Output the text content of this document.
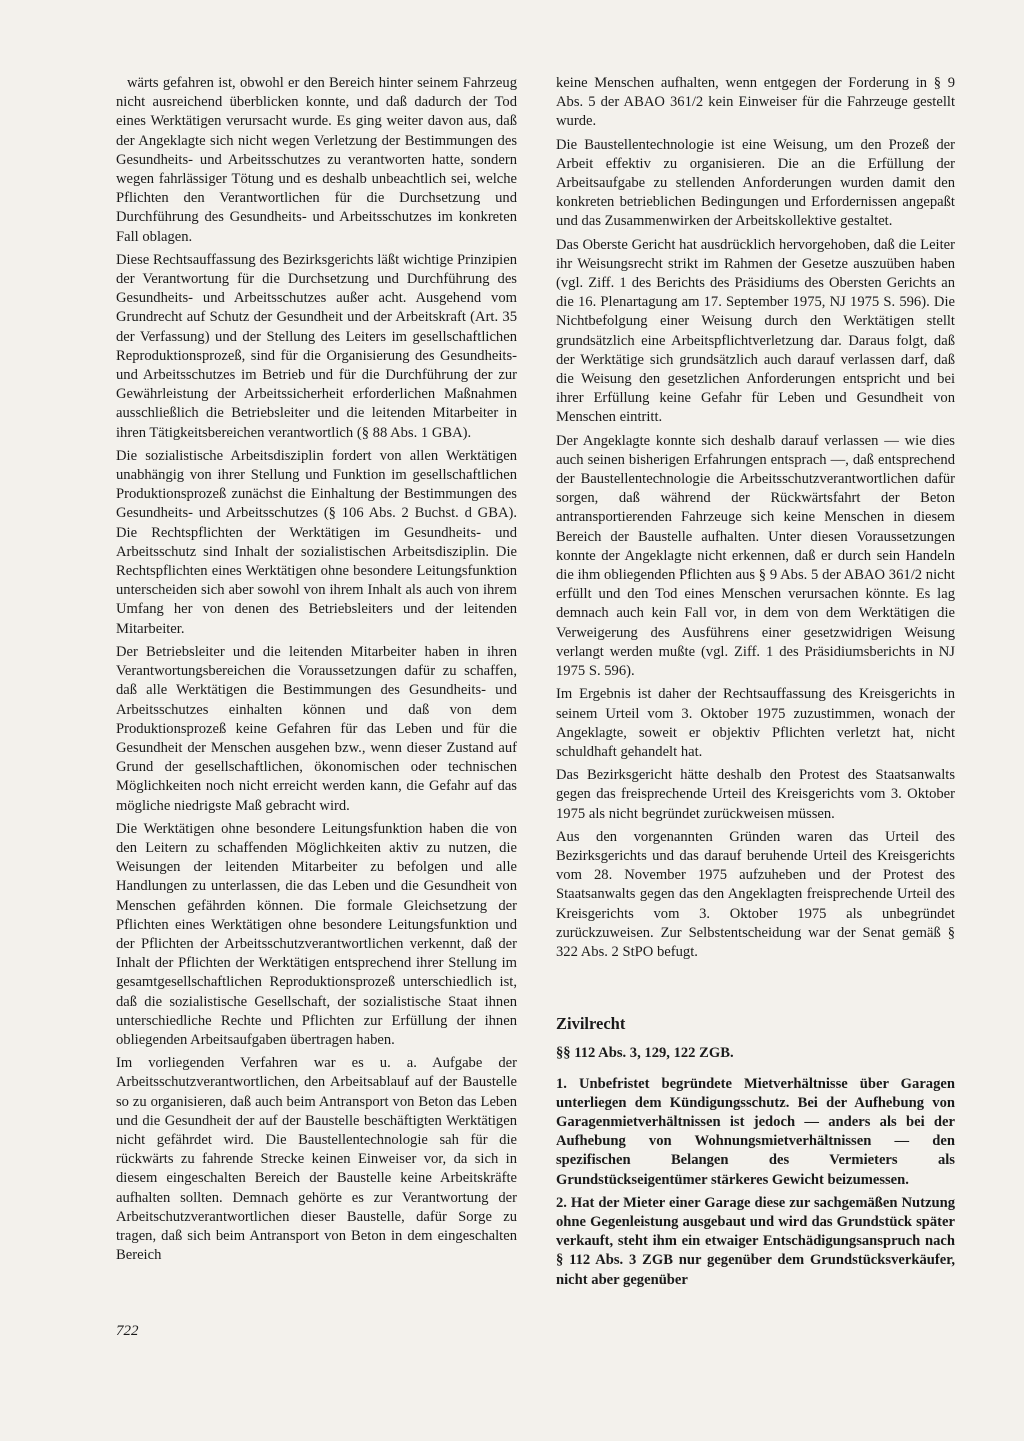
wärts gefahren ist, obwohl er den Bereich hinter seinem Fahrzeug nicht ausreichend überblicken konnte, und daß dadurch der Tod eines Werktätigen verursacht wurde. Es ging weiter davon aus, daß der Angeklagte sich nicht wegen Verletzung der Bestimmungen des Gesundheits- und Arbeitsschutzes zu verantworten hatte, sondern wegen fahrlässiger Tötung und es deshalb unbeachtlich sei, welche Pflichten den Verantwortlichen für die Durchsetzung und Durchführung des Gesundheits- und Arbeitsschutzes im konkreten Fall oblagen.

Diese Rechtsauffassung des Bezirksgerichts läßt wichtige Prinzipien der Verantwortung für die Durchsetzung und Durchführung des Gesundheits- und Arbeitsschutzes außer acht. Ausgehend vom Grundrecht auf Schutz der Gesundheit und der Arbeitskraft (Art. 35 der Verfassung) und der Stellung des Leiters im gesellschaftlichen Reproduktionsprozeß, sind für die Organisierung des Gesundheits- und Arbeitsschutzes im Betrieb und für die Durchführung der zur Gewährleistung der Arbeitssicherheit erforderlichen Maßnahmen ausschließlich die Betriebsleiter und die leitenden Mitarbeiter in ihren Tätigkeitsbereichen verantwortlich (§ 88 Abs. 1 GBA).

Die sozialistische Arbeitsdisziplin fordert von allen Werktätigen unabhängig von ihrer Stellung und Funktion im gesellschaftlichen Produktionsprozeß zunächst die Einhaltung der Bestimmungen des Gesundheits- und Arbeitsschutzes (§ 106 Abs. 2 Buchst. d GBA). Die Rechtspflichten der Werktätigen im Gesundheits- und Arbeitsschutz sind Inhalt der sozialistischen Arbeitsdisziplin. Die Rechtspflichten eines Werktätigen ohne besondere Leitungsfunktion unterscheiden sich aber sowohl von ihrem Inhalt als auch von ihrem Umfang her von denen des Betriebsleiters und der leitenden Mitarbeiter.

Der Betriebsleiter und die leitenden Mitarbeiter haben in ihren Verantwortungsbereichen die Voraussetzungen dafür zu schaffen, daß alle Werktätigen die Bestimmungen des Gesundheits- und Arbeitsschutzes einhalten können und daß von dem Produktionsprozeß keine Gefahren für das Leben und für die Gesundheit der Menschen ausgehen bzw., wenn dieser Zustand auf Grund der gesellschaftlichen, ökonomischen oder technischen Möglichkeiten noch nicht erreicht werden kann, die Gefahr auf das mögliche niedrigste Maß gebracht wird.

Die Werktätigen ohne besondere Leitungsfunktion haben die von den Leitern zu schaffenden Möglichkeiten aktiv zu nutzen, die Weisungen der leitenden Mitarbeiter zu befolgen und alle Handlungen zu unterlassen, die das Leben und die Gesundheit von Menschen gefährden können. Die formale Gleichsetzung der Pflichten eines Werktätigen ohne besondere Leitungsfunktion und der Pflichten der Arbeitsschutzverantwortlichen verkennt, daß der Inhalt der Pflichten der Werktätigen entsprechend ihrer Stellung im gesamtgesellschaftlichen Reproduktionsprozeß unterschiedlich ist, daß die sozialistische Gesellschaft, der sozialistische Staat ihnen unterschiedliche Rechte und Pflichten zur Erfüllung der ihnen obliegenden Arbeitsaufgaben übertragen haben.

Im vorliegenden Verfahren war es u. a. Aufgabe der Arbeitsschutzverantwortlichen, den Arbeitsablauf auf der Baustelle so zu organisieren, daß auch beim Antransport von Beton das Leben und die Gesundheit der auf der Baustelle beschäftigten Werktätigen nicht gefährdet wird. Die Baustellentechnologie sah für die rückwärts zu fahrende Strecke keinen Einweiser vor, da sich in diesem eingeschalten Bereich der Baustelle keine Arbeitskräfte aufhalten sollten. Demnach gehörte es zur Verantwortung der Arbeitschutzverantwortlichen dieser Baustelle, dafür Sorge zu tragen, daß sich beim Antransport von Beton in dem eingeschalten Bereich

keine Menschen aufhalten, wenn entgegen der Forderung in § 9 Abs. 5 der ABAO 361/2 kein Einweiser für die Fahrzeuge gestellt wurde.

Die Baustellentechnologie ist eine Weisung, um den Prozeß der Arbeit effektiv zu organisieren. Die an die Erfüllung der Arbeitsaufgabe zu stellenden Anforderungen wurden damit den konkreten betrieblichen Bedingungen und Erfordernissen angepaßt und das Zusammenwirken der Arbeitskollektive gestaltet.

Das Oberste Gericht hat ausdrücklich hervorgehoben, daß die Leiter ihr Weisungsrecht strikt im Rahmen der Gesetze auszuüben haben (vgl. Ziff. 1 des Berichts des Präsidiums des Obersten Gerichts an die 16. Plenartagung am 17. September 1975, NJ 1975 S. 596). Die Nichtbefolgung einer Weisung durch den Werktätigen stellt grundsätzlich eine Arbeitspflichtverletzung dar. Daraus folgt, daß der Werktätige sich grundsätzlich auch darauf verlassen darf, daß die Weisung den gesetzlichen Anforderungen entspricht und bei ihrer Erfüllung keine Gefahr für Leben und Gesundheit von Menschen eintritt.

Der Angeklagte konnte sich deshalb darauf verlassen — wie dies auch seinen bisherigen Erfahrungen entsprach —, daß entsprechend der Baustellentechnologie die Arbeitsschutzverantwortlichen dafür sorgen, daß während der Rückwärtsfahrt der Beton antransportierenden Fahrzeuge sich keine Menschen in diesem Bereich der Baustelle aufhalten. Unter diesen Voraussetzungen konnte der Angeklagte nicht erkennen, daß er durch sein Handeln die ihm obliegenden Pflichten aus § 9 Abs. 5 der ABAO 361/2 nicht erfüllt und den Tod eines Menschen verursachen könnte. Es lag demnach auch kein Fall vor, in dem von dem Werktätigen die Verweigerung des Ausführens einer gesetzwidrigen Weisung verlangt werden mußte (vgl. Ziff. 1 des Präsidiumsberichts in NJ 1975 S. 596).

Im Ergebnis ist daher der Rechtsauffassung des Kreisgerichts in seinem Urteil vom 3. Oktober 1975 zuzustimmen, wonach der Angeklagte, soweit er objektiv Pflichten verletzt hat, nicht schuldhaft gehandelt hat.

Das Bezirksgericht hätte deshalb den Protest des Staatsanwalts gegen das freisprechende Urteil des Kreisgerichts vom 3. Oktober 1975 als nicht begründet zurückweisen müssen.

Aus den vorgenannten Gründen waren das Urteil des Bezirksgerichts und das darauf beruhende Urteil des Kreisgerichts vom 28. November 1975 aufzuheben und der Protest des Staatsanwalts gegen das den Angeklagten freisprechende Urteil des Kreisgerichts vom 3. Oktober 1975 als unbegründet zurückzuweisen. Zur Selbstentscheidung war der Senat gemäß § 322 Abs. 2 StPO befugt.

Zivilrecht
§§ 112 Abs. 3, 129, 122 ZGB.

1. Unbefristet begründete Mietverhältnisse über Garagen unterliegen dem Kündigungsschutz. Bei der Aufhebung von Garagenmietverhältnissen ist jedoch — anders als bei der Aufhebung von Wohnungsmietverhältnissen — den spezifischen Belangen des Vermieters als Grundstückseigentümer stärkeres Gewicht beizumessen.

2. Hat der Mieter einer Garage diese zur sachgemäßen Nutzung ohne Gegenleistung ausgebaut und wird das Grundstück später verkauft, steht ihm ein etwaiger Entschädigungsanspruch nach § 112 Abs. 3 ZGB nur gegenüber dem Grundstücksverkäufer, nicht aber gegenüber

722
